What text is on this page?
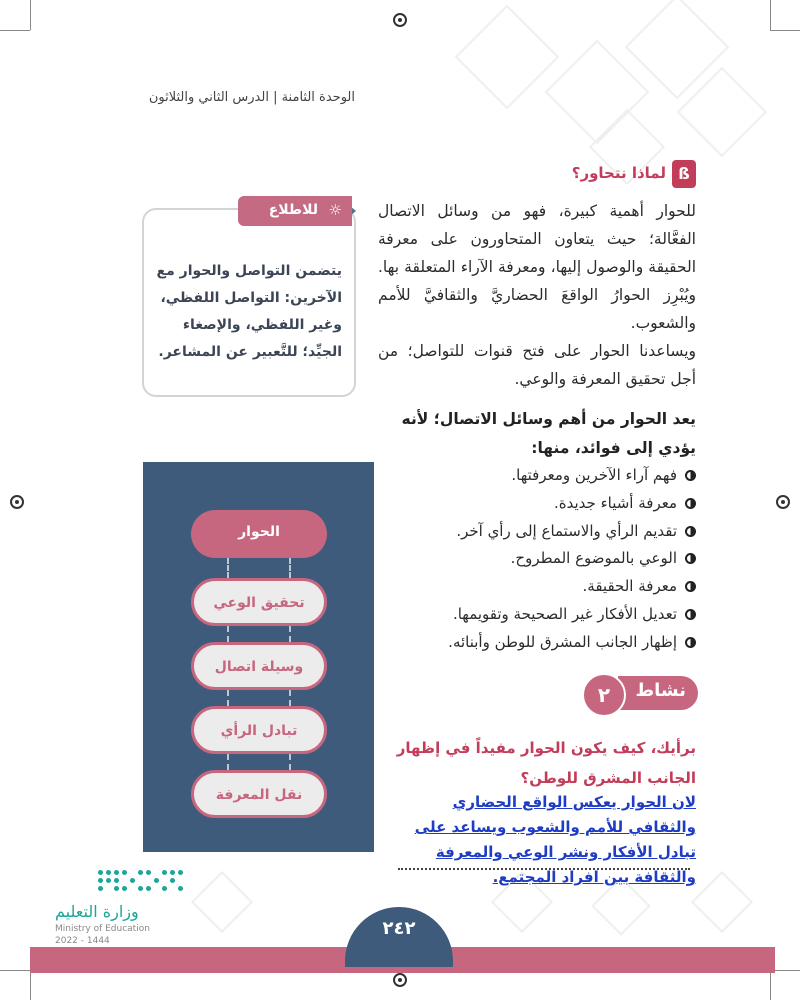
الوحدة الثامنة | الدرس الثاني والثلاثون
ß
لماذا نتحاور؟
للحوار أهمية كبيرة، فهو من وسائل الاتصال الفعَّالة؛ حيث يتعاون المتحاورون على معرفة الحقيقة والوصول إليها، ومعرفة الآراء المتعلقة بها. ويُبْرِز الحوارُ الواقعَ الحضاريَّ والثقافيَّ للأمم والشعوب.
ويساعدنا الحوار على فتح قنوات للتواصل؛ من أجل تحقيق المعرفة والوعي.
يعد الحوار من أهم وسائل الاتصال؛ لأنه يؤدي إلى فوائد، منها:
فهم آراء الآخرين ومعرفتها.
معرفة أشياء جديدة.
تقديم الرأي والاستماع إلى رأي آخر.
الوعي بالموضوع المطروح.
معرفة الحقيقة.
تعديل الأفكار غير الصحيحة وتقويمها.
إظهار الجانب المشرق للوطن وأبنائه.
☼
للاطلاع
يتضمن التواصل والحوار مع الآخرين: التواصل اللفظي، وغير اللفظي، والإصغاء الجيِّد؛ للتَّعبير عن المشاعر.
الحوار
تحقيق الوعي
وسيلة اتصال
تبادل الرأي
نقل المعرفة
نشاط
٢
برأيك، كيف يكون الحوار مفيداً في إظهار الجانب المشرق للوطن؟
لان الحوار يعكس الواقع الحضاري والثقافي للأمم والشعوب ويساعد على تبادل الأفكار ونشر الوعي والمعرفة والثقافة بين افراد المجتمع.
٢٤٢
وزارة التعليم
Ministry of Education
2022 - 1444
